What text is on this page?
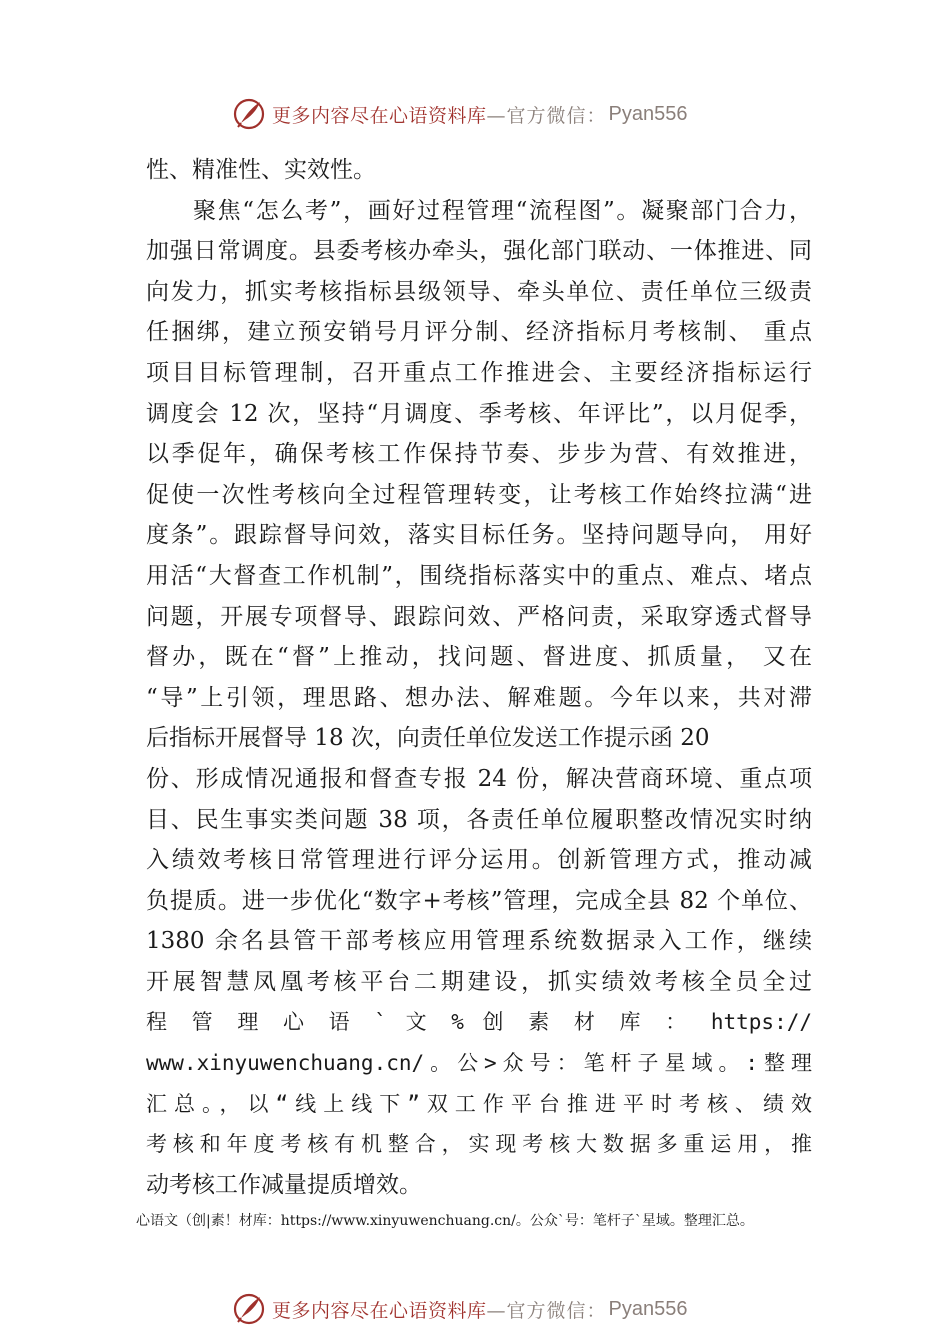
更多内容尽在心语资料库 —官方微信： Pyan556
性、精准性、实效性。
聚焦“怎么考”，画好过程管理“流程图”。凝聚部门合力，
加强日常调度。县委考核办牵头，强化部门联动、一体推进、同
向发力，抓实考核指标县级领导、牵头单位、责任单位三级责
任捆绑，建立预安销号月评分制、经济指标月考核制、 重点
项目目标管理制，召开重点工作推进会、主要经济指标运行
调度会 12 次，坚持“月调度、季考核、年评比”，以月促季，
以季促年，确保考核工作保持节奏、步步为营、有效推进，
促使一次性考核向全过程管理转变，让考核工作始终拉满“进
度条”。跟踪督导问效，落实目标任务。坚持问题导向， 用好
用活“大督查工作机制”，围绕指标落实中的重点、难点、堵点
问题，开展专项督导、跟踪问效、严格问责，采取穿透式督导
督办，既在“督”上推动，找问题、督进度、抓质量， 又在
“导”上引领，理思路、想办法、解难题。今年以来，共对滞
后指标开展督导 18 次，向责任单位发送工作提示函 20
份、形成情况通报和督查专报 24 份，解决营商环境、重点项
目、民生事实类问题 38 项，各责任单位履职整改情况实时纳
入绩效考核日常管理进行评分运用。创新管理方式，推动减
负提质。进一步优化“数字+考核”管理，完成全县 82 个单位、
1380 余名县管干部考核应用管理系统数据录入工作，继续
开展智慧凤凰考核平台二期建设，抓实绩效考核全员全过
程 管 理 心 语 ` 文 % 创 素 材 库 ： https://
www.xinyuwenchuang.cn/。公>众号：笔杆子星域。:整理
汇总。，以“线上线下”双工作平台推进平时考核、绩效
考核和年度考核有机整合，实现考核大数据多重运用，推
动考核工作减量提质增效。
心语文（创|素！材库：https://www.xinyuwenchuang.cn/。公众`号：笔杆子`星域。整理汇总。
更多内容尽在心语资料库 —官方微信： Pyan556
